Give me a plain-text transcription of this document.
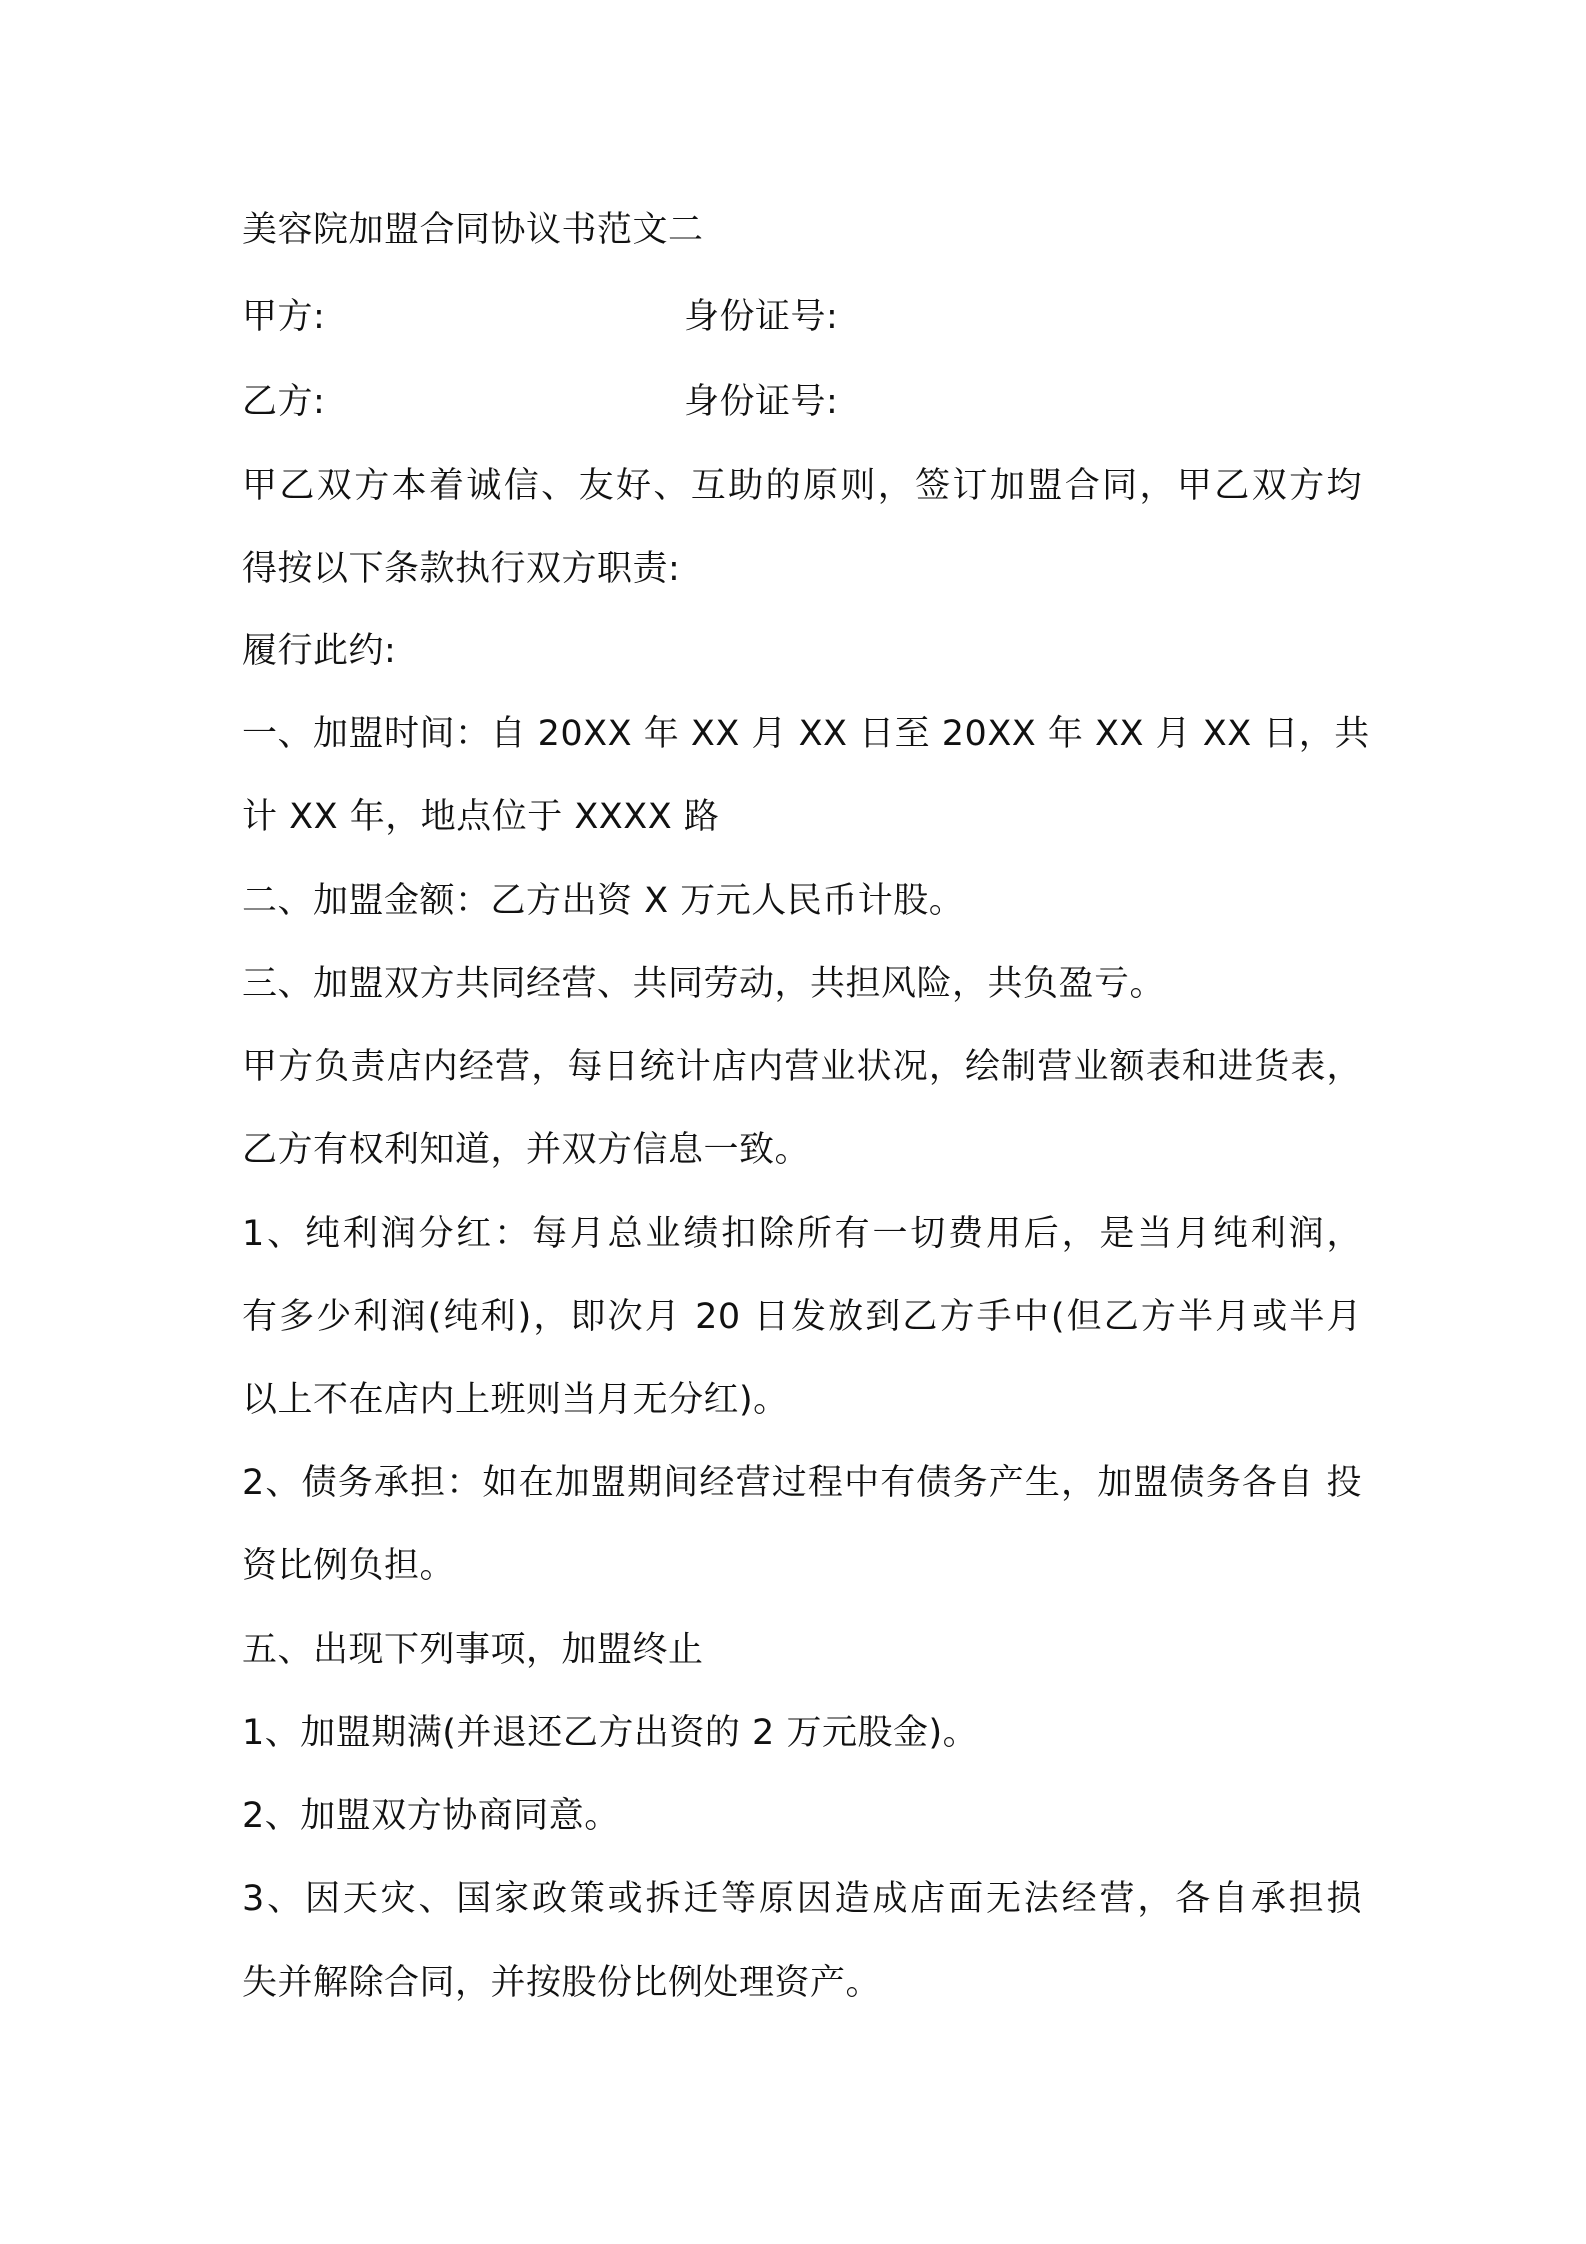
美容院加盟合同协议书范文二
甲方:	身份证号:
乙方:	身份证号:
甲乙双方本着诚信、友好、互助的原则，签订加盟合同，甲乙双方均
得按以下条款执行双方职责:
履行此约:
一、加盟时间：自 20XX 年 XX 月 XX 日至 20XX 年 XX 月 XX 日，共
计 XX 年，地点位于 XXXX 路
二、加盟金额：乙方出资 X 万元人民币计股。
三、加盟双方共同经营、共同劳动，共担风险，共负盈亏。
甲方负责店内经营，每日统计店内营业状况，绘制营业额表和进货表，
乙方有权利知道，并双方信息一致。
1、纯利润分红：每月总业绩扣除所有一切费用后，是当月纯利润，
有多少利润(纯利)，即次月 20 日发放到乙方手中(但乙方半月或半月
以上不在店内上班则当月无分红)。
2、债务承担：如在加盟期间经营过程中有债务产生，加盟债务各自 投
资比例负担。
五、出现下列事项，加盟终止
1、加盟期满(并退还乙方出资的 2 万元股金)。
2、加盟双方协商同意。
3、因天灾、国家政策或拆迁等原因造成店面无法经营，各自承担损
失并解除合同，并按股份比例处理资产。
